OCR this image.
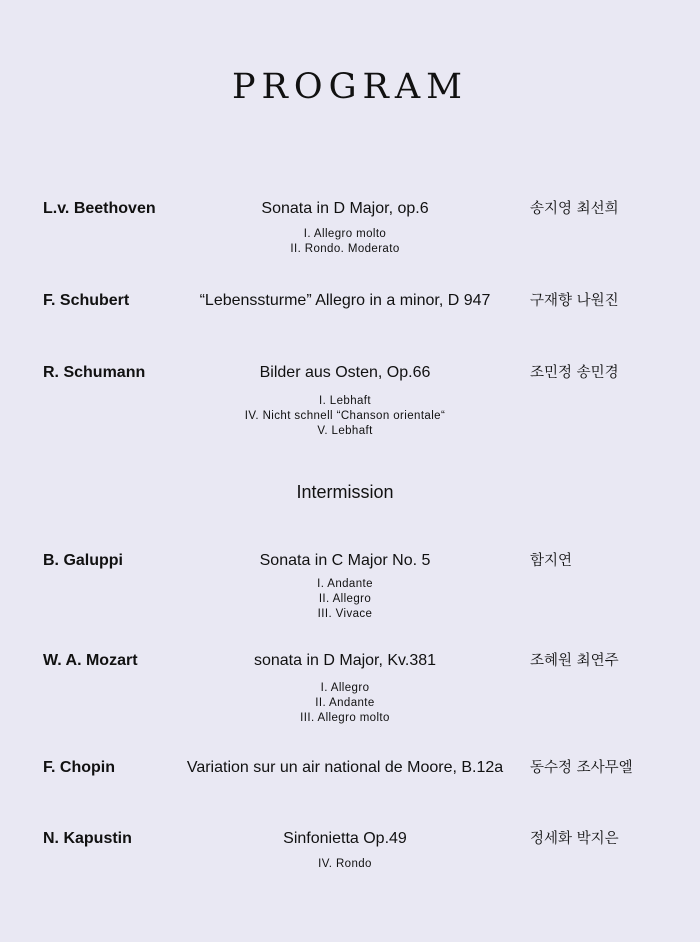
PROGRAM
L.v. Beethoven	Sonata in D Major, op.6	송지영 최선희
I. Allegro molto
II. Rondo. Moderato
F. Schubert	“Lebenssturme” Allegro in a minor, D 947	구재향 나원진
R. Schumann	Bilder aus Osten, Op.66	조민정 송민경
I. Lebhaft
IV. Nicht schnell “Chanson orientale“
V. Lebhaft
Intermission
B. Galuppi	Sonata in C Major No. 5	함지연
I. Andante
II. Allegro
III. Vivace
W. A. Mozart	sonata in D Major, Kv.381	조혜원 최연주
I. Allegro
II. Andante
III. Allegro molto
F. Chopin	Variation sur un air national de Moore, B.12a	동수정 조사무엘
N. Kapustin	Sinfonietta Op.49	정세화 박지은
IV. Rondo
